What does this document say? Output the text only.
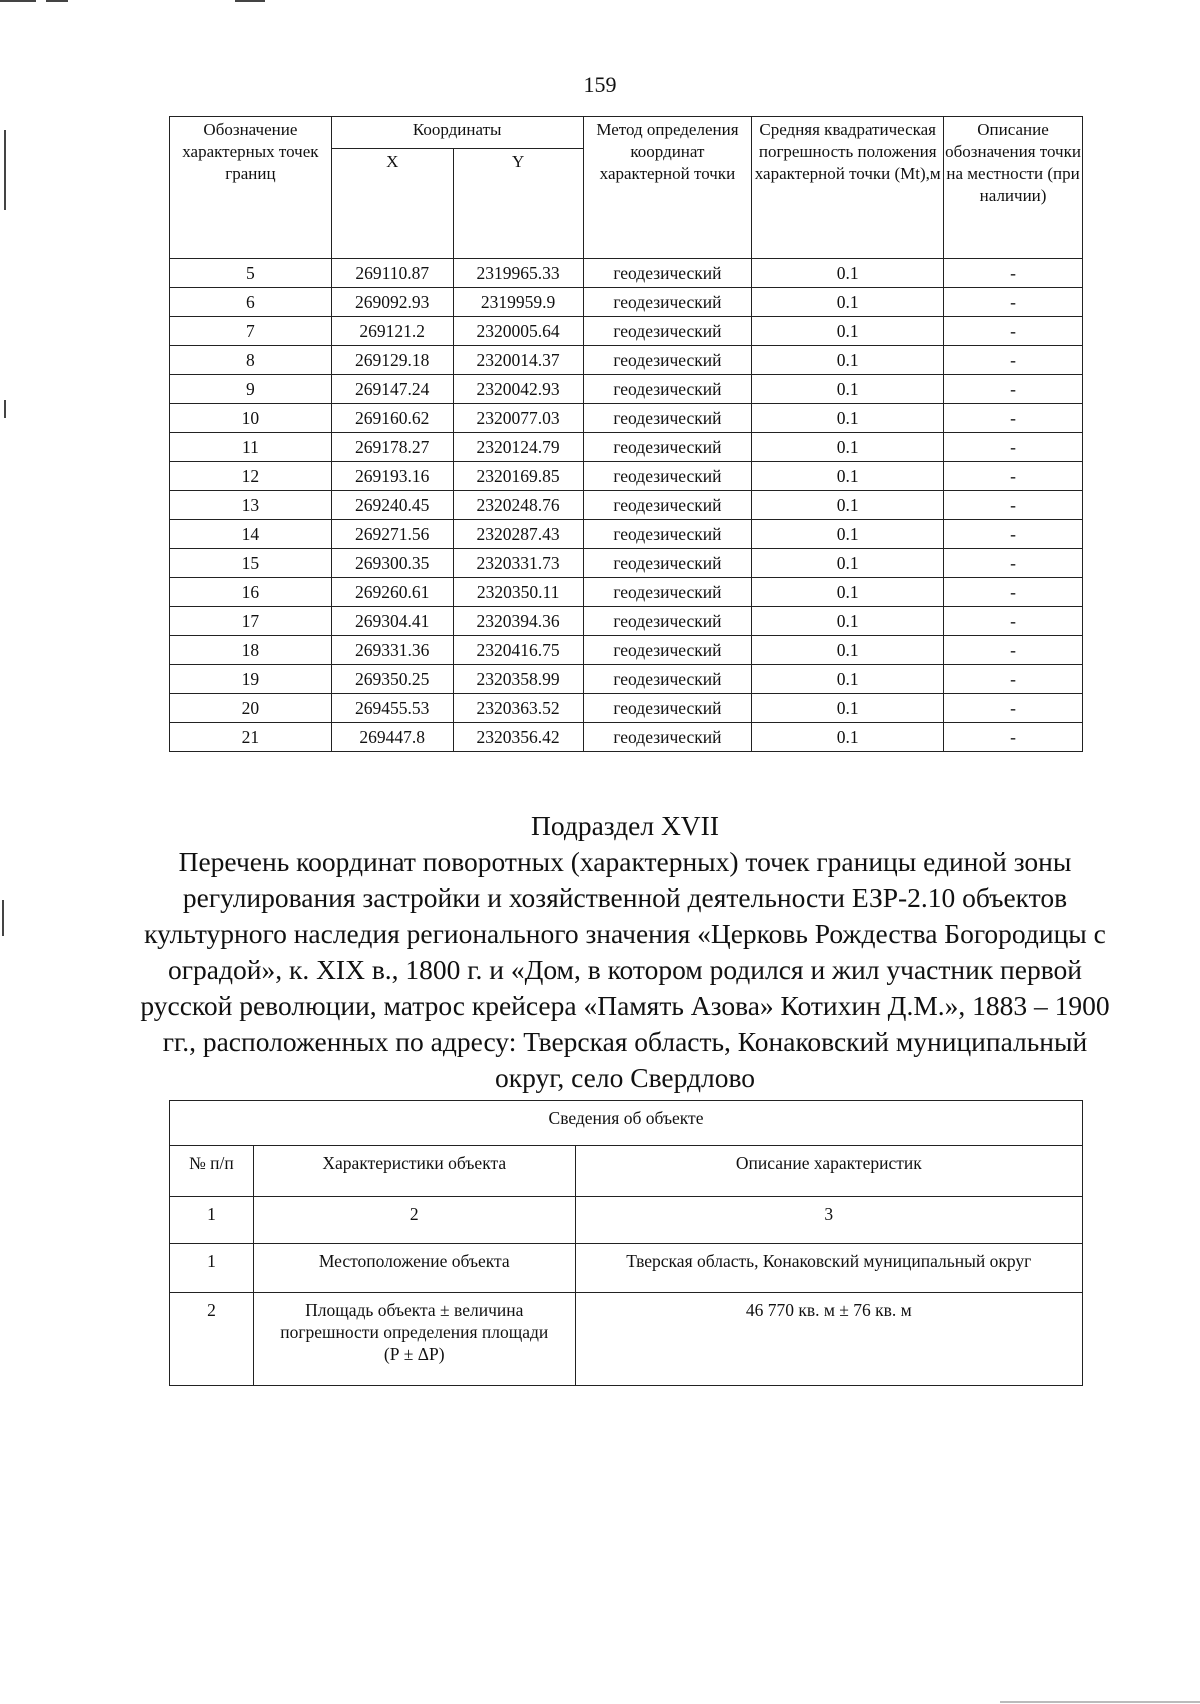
159
Обозначение характерных точек границ	Координаты		Метод определения координат характерной точки	Средняя квадратическая погрешность положения характерной точки (Mt),м	Описание обозначения точки на местности (при наличии)
	X	Y			
5	269110.87	2319965.33	геодезический	0.1	-
6	269092.93	2319959.9	геодезический	0.1	-
7	269121.2	2320005.64	геодезический	0.1	-
8	269129.18	2320014.37	геодезический	0.1	-
9	269147.24	2320042.93	геодезический	0.1	-
10	269160.62	2320077.03	геодезический	0.1	-
11	269178.27	2320124.79	геодезический	0.1	-
12	269193.16	2320169.85	геодезический	0.1	-
13	269240.45	2320248.76	геодезический	0.1	-
14	269271.56	2320287.43	геодезический	0.1	-
15	269300.35	2320331.73	геодезический	0.1	-
16	269260.61	2320350.11	геодезический	0.1	-
17	269304.41	2320394.36	геодезический	0.1	-
18	269331.36	2320416.75	геодезический	0.1	-
19	269350.25	2320358.99	геодезический	0.1	-
20	269455.53	2320363.52	геодезический	0.1	-
21	269447.8	2320356.42	геодезический	0.1	-
Подраздел XVII
Перечень координат поворотных (характерных) точек границы единой зоны регулирования застройки и хозяйственной деятельности ЕЗР-2.10 объектов культурного наследия регионального значения «Церковь Рождества Богородицы с оградой», к. XIX в., 1800 г. и «Дом, в котором родился и жил участник первой русской революции, матрос крейсера «Память Азова» Котихин Д.М.», 1883 – 1900 гг., расположенных по адресу: Тверская область, Конаковский муниципальный округ, село Свердлово
Сведения об объекте		
№ п/п	Характеристики объекта	Описание характеристик
1	2	3
1	Местоположение объекта	Тверская область, Конаковский муниципальный округ
2	Площадь объекта ± величина погрешности определения площади (Р ± ΔР)	46 770 кв. м ± 76 кв. м
